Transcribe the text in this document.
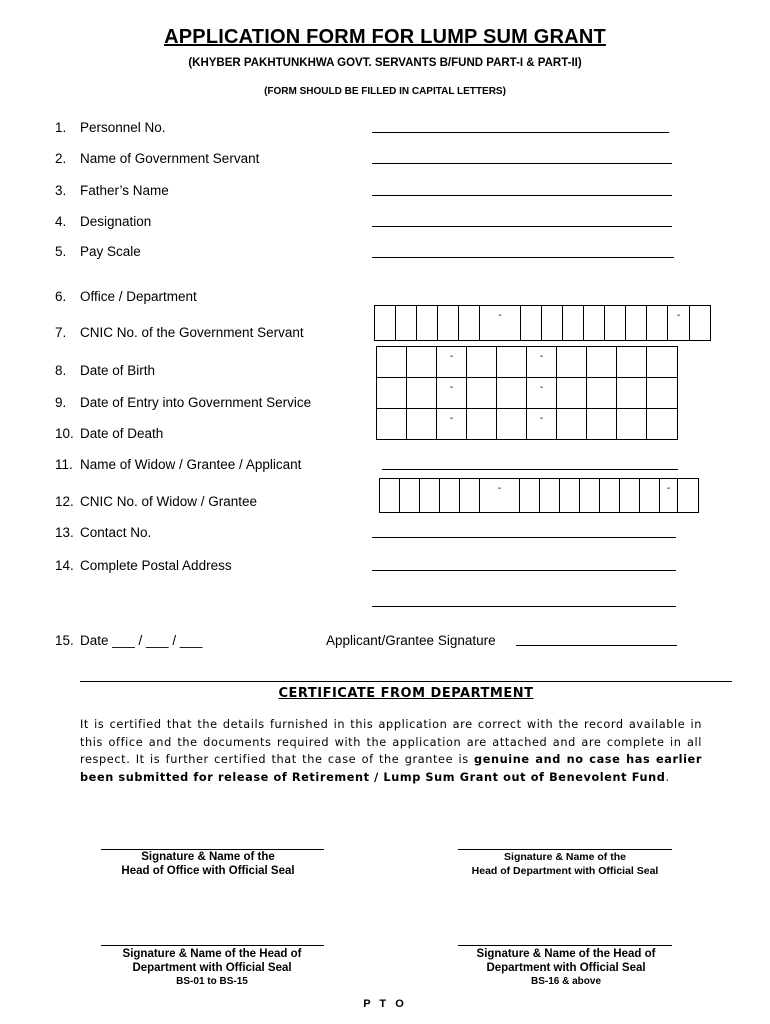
APPLICATION FORM FOR LUMP SUM GRANT
(KHYBER PAKHTUNKHWA GOVT. SERVANTS B/FUND PART-I & PART-II)
(FORM SHOULD BE FILLED IN CAPITAL LETTERS)
1. Personnel No.
2. Name of Government Servant
3. Father’s Name
4. Designation
5. Pay Scale
6. Office / Department
7. CNIC No. of the Government Servant
-	-
8. Date of Birth
9. Date of Entry into Government Service
10. Date of Death
-	-
-	-
-	-
11. Name of Widow / Grantee / Applicant
12. CNIC No. of Widow / Grantee
-	-
13. Contact No.
14. Complete Postal Address
15. Date ___ / ___ / ___	Applicant/Grantee Signature
CERTIFICATE FROM DEPARTMENT
It is certified that the details furnished in this application are correct with the record available in this office and the documents required with the application are attached and are complete in all respect. It is further certified that the case of the grantee is genuine and no case has earlier been submitted for release of Retirement / Lump Sum Grant out of Benevolent Fund.
Signature & Name of the
Head of Office with Official Seal
Signature & Name of the
Head of Department with Official Seal
Signature & Name of the Head of
Department with Official Seal
BS-01 to BS-15
Signature & Name of the Head of
Department with Official Seal
BS-16 & above
P T O
